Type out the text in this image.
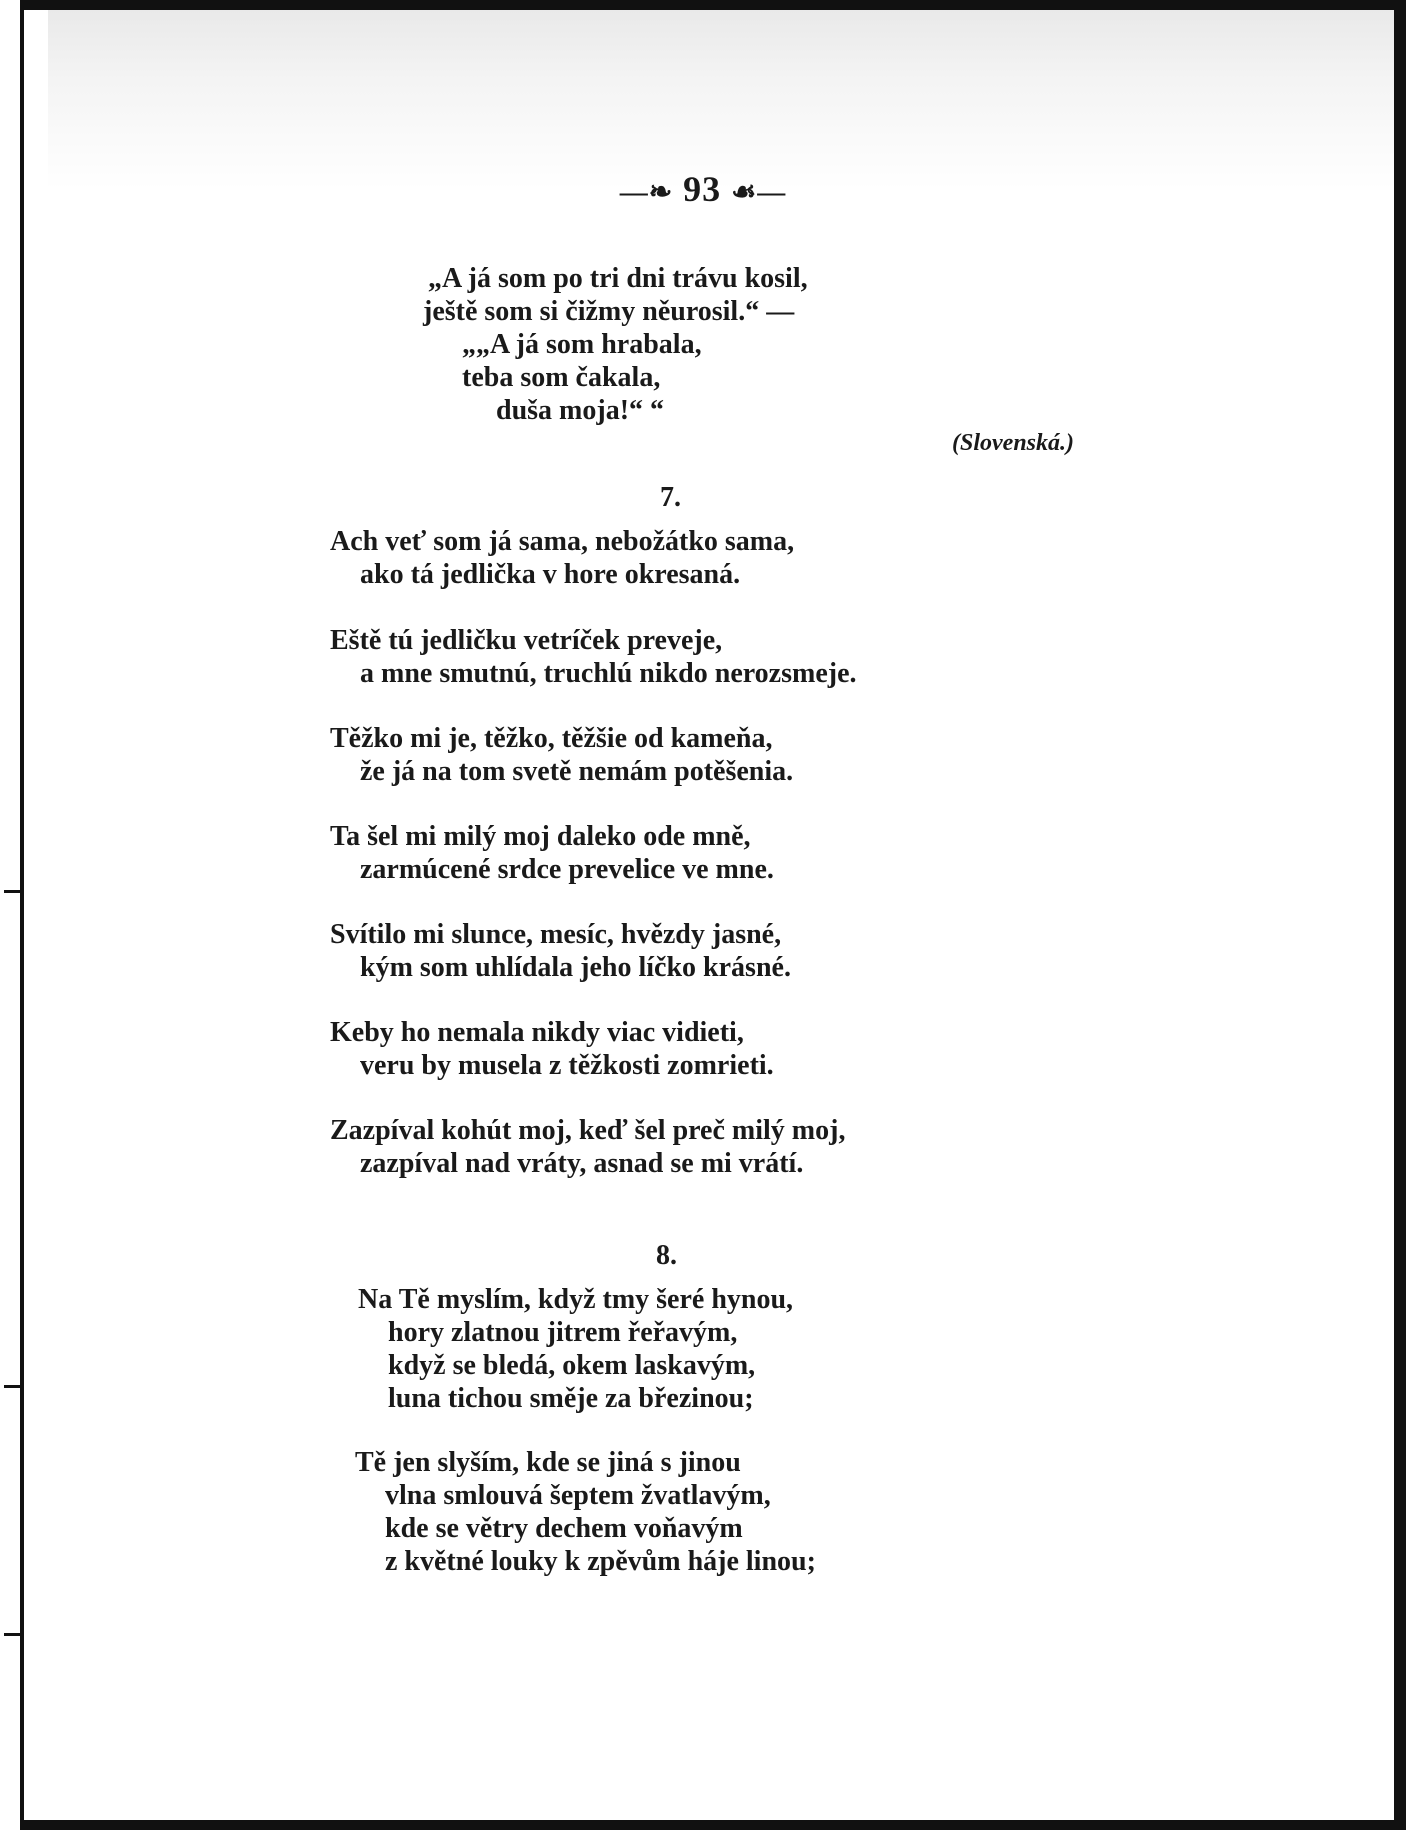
—❧ 93 ☙—
„A já som po tri dni trávu kosil,
ještě som si čižmy něurosil.“ —
„„A já som hrabala,
teba som čakala,
duša moja!“ “
(Slovenská.)
7.
Ach veť som já sama, nebožátko sama,
ako tá jedlička v hore okresaná.
Eště tú jedličku vetríček preveje,
a mne smutnú, truchlú nikdo nerozsmeje.
Těžko mi je, těžko, těžšie od kameňa,
že já na tom svetě nemám potěšenia.
Ta šel mi milý moj daleko ode mně,
zarmúcené srdce prevelice ve mne.
Svítilo mi slunce, mesíc, hvězdy jasné,
kým som uhlídala jeho líčko krásné.
Keby ho nemala nikdy viac vidieti,
veru by musela z těžkosti zomrieti.
Zazpíval kohút moj, keď šel preč milý moj,
zazpíval nad vráty, asnad se mi vrátí.
8.
Na Tě myslím, když tmy šeré hynou,
hory zlatnou jitrem řeřavým,
když se bledá, okem laskavým,
luna tichou směje za březinou;
Tě jen slyším, kde se jiná s jinou
vlna smlouvá šeptem žvatlavým,
kde se větry dechem voňavým
z květné louky k zpěvům háje linou;
